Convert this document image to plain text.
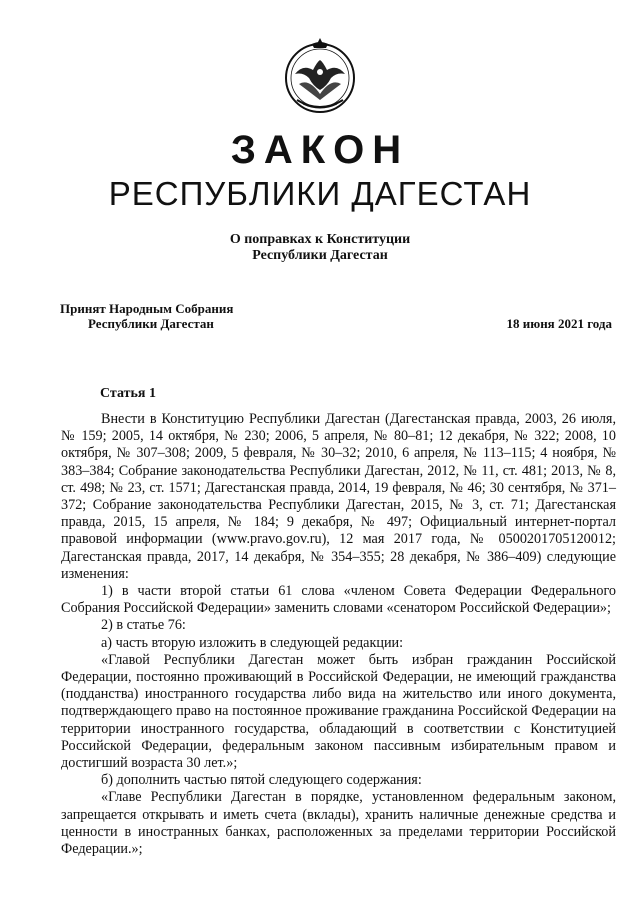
ЗАКОН
РЕСПУБЛИКИ ДАГЕСТАН
О поправках к Конституции
Республики Дагестан
Принят Народным Собрания
Республики Дагестан	18 июня 2021 года
Статья 1

Внести в Конституцию Республики Дагестан (Дагестанская правда, 2003, 26 июля, № 159; 2005, 14 октября, № 230; 2006, 5 апреля, № 80–81; 12 декабря, № 322; 2008, 10 октября, № 307–308; 2009, 5 февраля, № 30–32; 2010, 6 апреля, № 113–115; 4 ноября, № 383–384; Собрание законодательства Республики Дагестан, 2012, № 11, ст. 481; 2013, № 8, ст. 498; № 23, ст. 1571; Дагестанская правда, 2014, 19 февраля, № 46; 30 сентября, № 371–372; Собрание законодательства Республики Дагестан, 2015, № 3, ст. 71; Дагестанская правда, 2015, 15 апреля, № 184; 9 декабря, № 497; Официальный интернет-портал правовой информации (www.pravo.gov.ru), 12 мая 2017 года, № 0500201705120012; Дагестанская правда, 2017, 14 декабря, № 354–355; 28 декабря, № 386–409) следующие изменения:

1) в части второй статьи 61 слова «членом Совета Федерации Федерального Собрания Российской Федерации» заменить словами «сенатором Российской Федерации»;

2) в статье 76:

а) часть вторую изложить в следующей редакции:

«Главой Республики Дагестан может быть избран гражданин Российской Федерации, постоянно проживающий в Российской Федерации, не имеющий гражданства (подданства) иностранного государства либо вида на жительство или иного документа, подтверждающего право на постоянное проживание гражданина Российской Федерации на территории иностранного государства, обладающий в соответствии с Конституцией Российской Федерации, федеральным законом пассивным избирательным правом и достигший возраста 30 лет.»;

б) дополнить частью пятой следующего содержания:

«Главе Республики Дагестан в порядке, установленном федеральным законом, запрещается открывать и иметь счета (вклады), хранить наличные денежные средства и ценности в иностранных банках, расположенных за пределами территории Российской Федерации.»;
